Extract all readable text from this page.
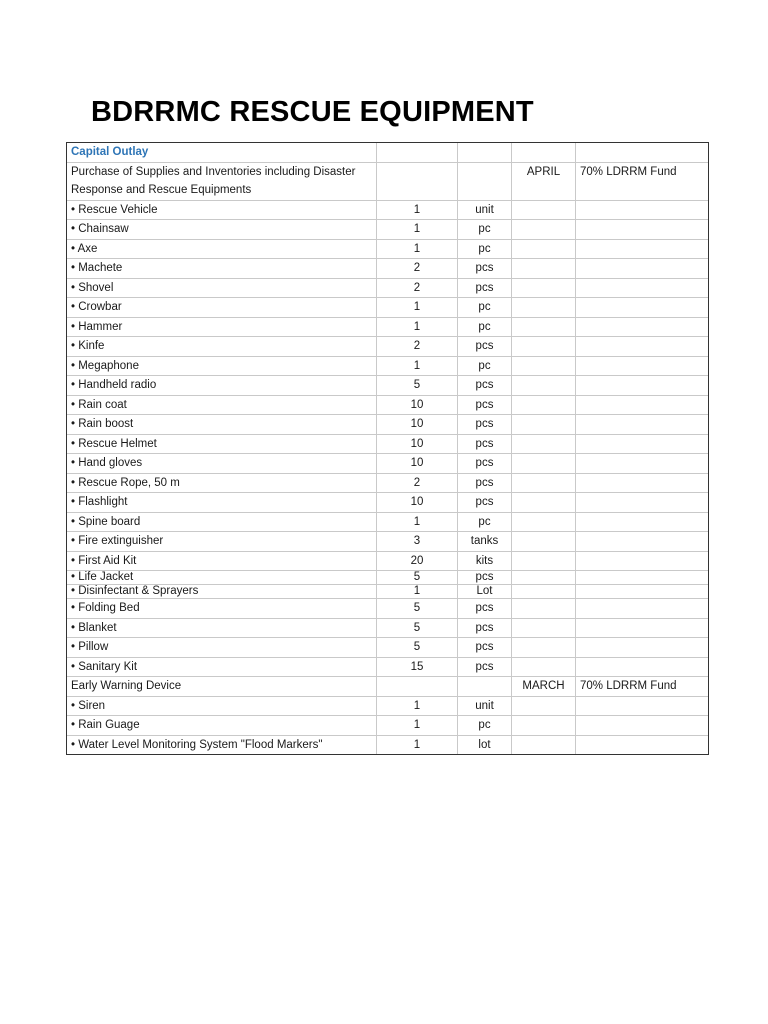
BDRRMC RESCUE EQUIPMENT
Capital Outlay				
Purchase of Supplies and Inventories including Disaster Response and Rescue Equipments			APRIL	70% LDRRM Fund
• Rescue Vehicle	1	unit		
• Chainsaw	1	pc		
• Axe	1	pc		
• Machete	2	pcs		
• Shovel	2	pcs		
• Crowbar	1	pc		
• Hammer	1	pc		
• Kinfe	2	pcs		
• Megaphone	1	pc		
• Handheld radio	5	pcs		
• Rain coat	10	pcs		
• Rain boost	10	pcs		
• Rescue Helmet	10	pcs		
• Hand gloves	10	pcs		
• Rescue Rope, 50 m	2	pcs		
• Flashlight	10	pcs		
• Spine board	1	pc		
• Fire extinguisher	3	tanks		
• First Aid Kit	20	kits		
• Life Jacket	5	pcs		
• Disinfectant & Sprayers	1	Lot		
• Folding Bed	5	pcs		
• Blanket	5	pcs		
• Pillow	5	pcs		
• Sanitary Kit	15	pcs		
Early Warning Device			MARCH	70% LDRRM Fund
• Siren	1	unit		
• Rain Guage	1	pc		
• Water Level Monitoring System "Flood Markers"	1	lot		
